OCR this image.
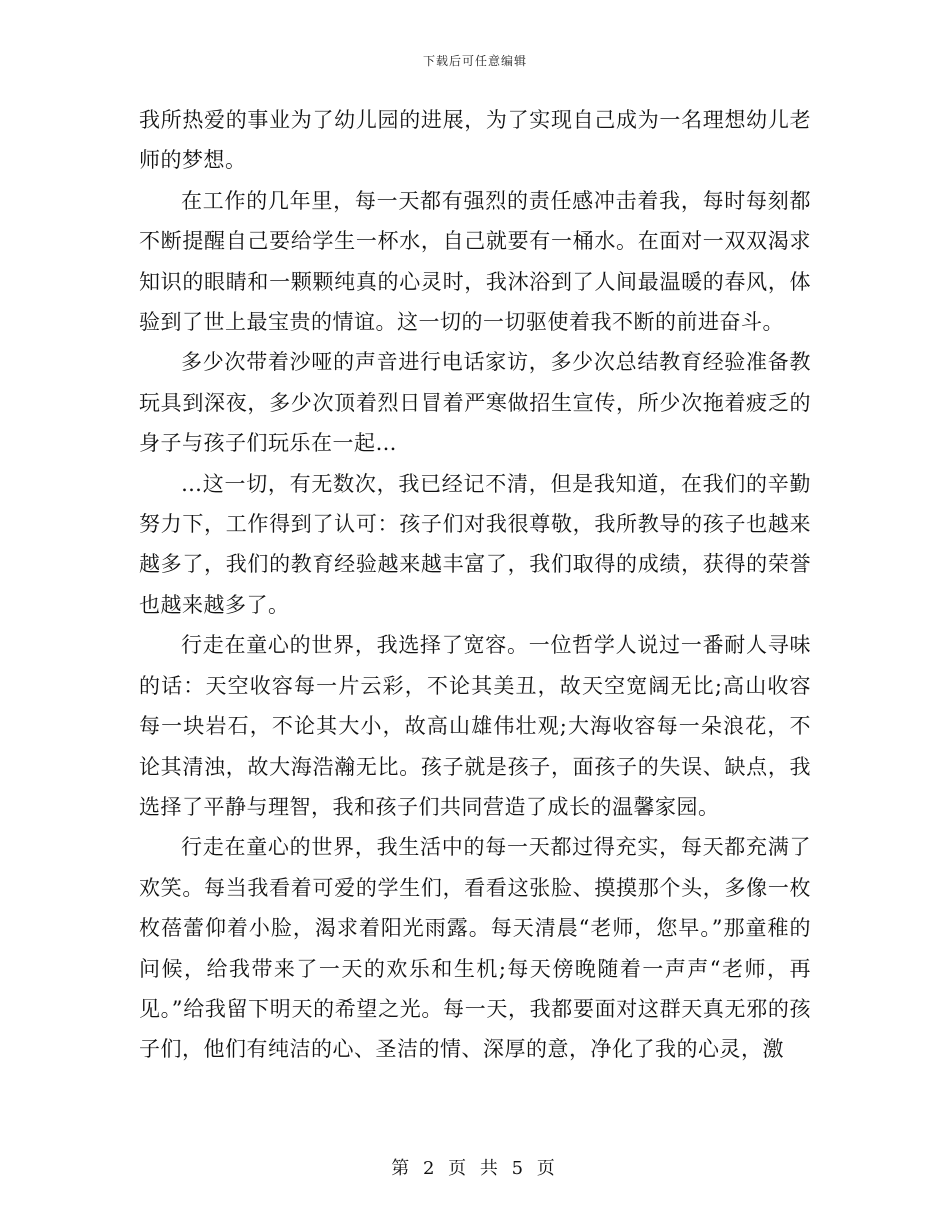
下载后可任意编辑

我所热爱的事业为了幼儿园的进展，为了实现自己成为一名理想幼儿老师的梦想。

在工作的几年里，每一天都有强烈的责任感冲击着我，每时每刻都不断提醒自己要给学生一杯水，自己就要有一桶水。在面对一双双渴求知识的眼睛和一颗颗纯真的心灵时，我沐浴到了人间最温暖的春风，体验到了世上最宝贵的情谊。这一切的一切驱使着我不断的前进奋斗。

多少次带着沙哑的声音进行电话家访，多少次总结教育经验准备教玩具到深夜，多少次顶着烈日冒着严寒做招生宣传，所少次拖着疲乏的身子与孩子们玩乐在一起…

…这一切，有无数次，我已经记不清，但是我知道，在我们的辛勤努力下，工作得到了认可：孩子们对我很尊敬，我所教导的孩子也越来越多了，我们的教育经验越来越丰富了，我们取得的成绩，获得的荣誉也越来越多了。

行走在童心的世界，我选择了宽容。一位哲学人说过一番耐人寻味的话：天空收容每一片云彩，不论其美丑，故天空宽阔无比;高山收容每一块岩石，不论其大小，故高山雄伟壮观;大海收容每一朵浪花，不论其清浊，故大海浩瀚无比。孩子就是孩子，面孩子的失误、缺点，我选择了平静与理智，我和孩子们共同营造了成长的温馨家园。

行走在童心的世界，我生活中的每一天都过得充实，每天都充满了欢笑。每当我看着可爱的学生们，看看这张脸、摸摸那个头，多像一枚枚蓓蕾仰着小脸，渴求着阳光雨露。每天清晨“老师，您早。”那童稚的问候，给我带来了一天的欢乐和生机;每天傍晚随着一声声“老师，再见。”给我留下明天的希望之光。每一天，我都要面对这群天真无邪的孩子们，他们有纯洁的心、圣洁的情、深厚的意，净化了我的心灵，激

第 2 页 共 5 页
